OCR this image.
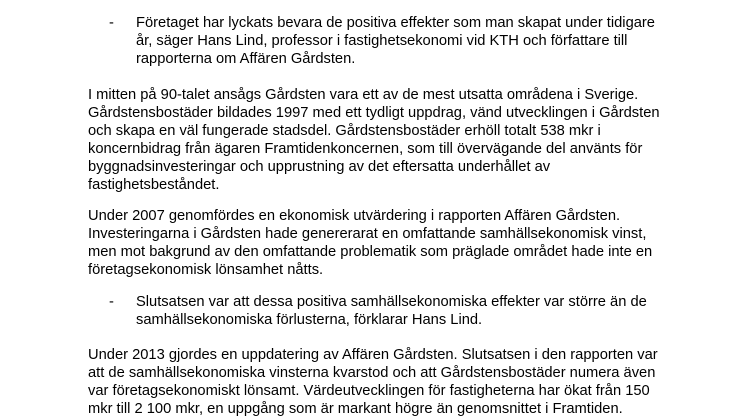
- Företaget har lyckats bevara de positiva effekter som man skapat under tidigare år, säger Hans Lind, professor i fastighetsekonomi vid KTH och författare till rapporterna om Affären Gårdsten.

I mitten på 90-talet ansågs Gårdsten vara ett av de mest utsatta områdena i Sverige. Gårdstensbostäder bildades 1997 med ett tydligt uppdrag, vänd utvecklingen i Gårdsten och skapa en väl fungerade stadsdel. Gårdstensbostäder erhöll totalt 538 mkr i koncernbidrag från ägaren Framtidenkoncernen, som till övervägande del använts för byggnadsinvesteringar och upprustning av det eftersatta underhållet av fastighetsbeståndet.

Under 2007 genomfördes en ekonomisk utvärdering i rapporten Affären Gårdsten. Investeringarna i Gårdsten hade genererarat en omfattande samhällsekonomisk vinst, men mot bakgrund av den omfattande problematik som präglade området hade inte en företagsekonomisk lönsamhet nåtts.

- Slutsatsen var att dessa positiva samhällsekonomiska effekter var större än de samhällsekonomiska förlusterna, förklarar Hans Lind.

Under 2013 gjordes en uppdatering av Affären Gårdsten. Slutsatsen i den rapporten var att de samhällsekonomiska vinsterna kvarstod och att Gårdstensbostäder numera även var företagsekonomiskt lönsamt. Värdeutvecklingen för fastigheterna har ökat från 150 mkr till 2 100 mkr, en uppgång som är markant högre än genomsnittet i Framtiden.
